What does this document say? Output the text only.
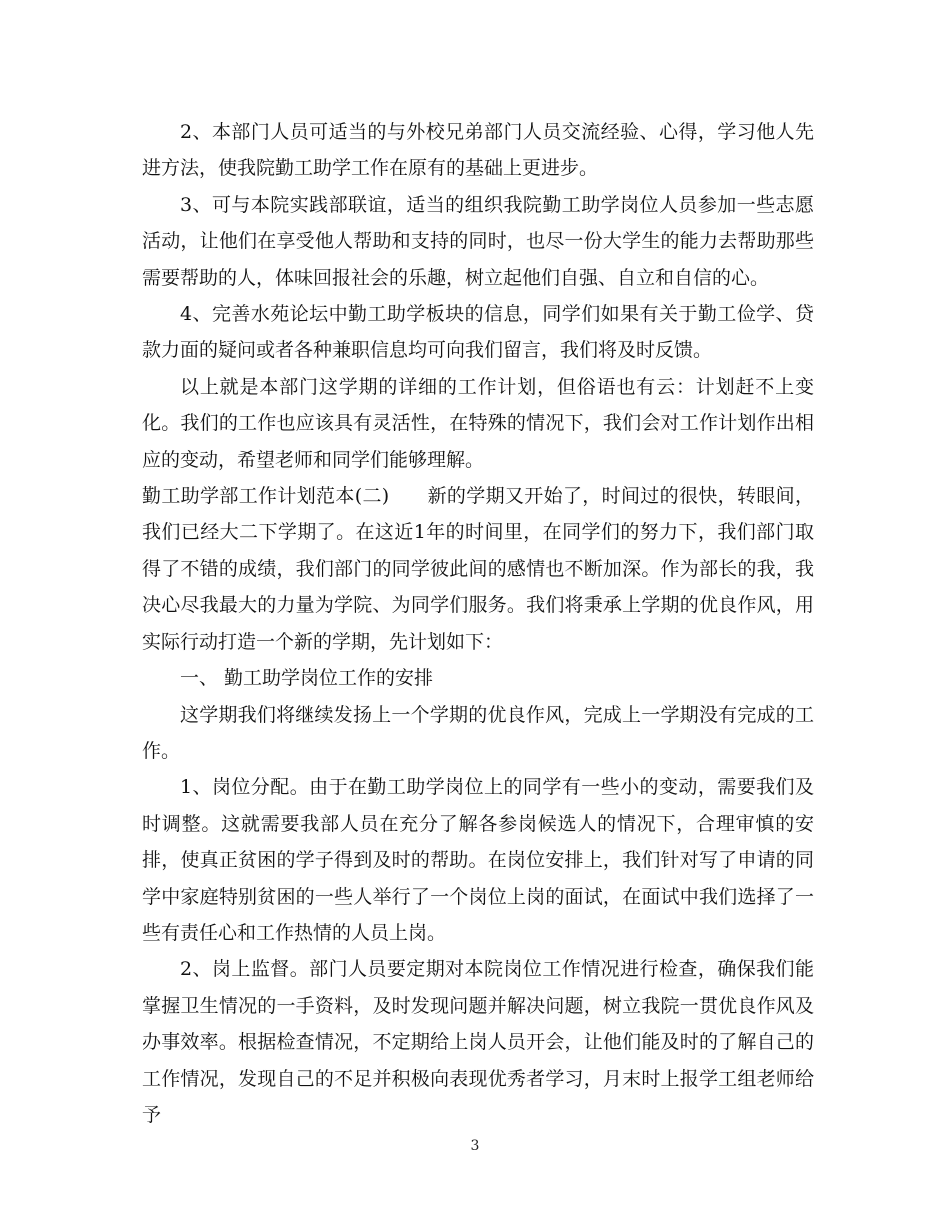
2、本部门人员可适当的与外校兄弟部门人员交流经验、心得，学习他人先进方法，使我院勤工助学工作在原有的基础上更进步。

3、可与本院实践部联谊，适当的组织我院勤工助学岗位人员参加一些志愿活动，让他们在享受他人帮助和支持的同时，也尽一份大学生的能力去帮助那些需要帮助的人，体味回报社会的乐趣，树立起他们自强、自立和自信的心。

4、完善水苑论坛中勤工助学板块的信息，同学们如果有关于勤工俭学、贷款力面的疑问或者各种兼职信息均可向我们留言，我们将及时反馈。

以上就是本部门这学期的详细的工作计划，但俗语也有云：计划赶不上变化。我们的工作也应该具有灵活性，在特殊的情况下，我们会对工作计划作出相应的变动，希望老师和同学们能够理解。

勤工助学部工作计划范本(二) 新的学期又开始了，时间过的很快，转眼间，我们已经大二下学期了。在这近1年的时间里，在同学们的努力下，我们部门取得了不错的成绩，我们部门的同学彼此间的感情也不断加深。作为部长的我，我决心尽我最大的力量为学院、为同学们服务。我们将秉承上学期的优良作风，用实际行动打造一个新的学期，先计划如下：

一、 勤工助学岗位工作的安排

这学期我们将继续发扬上一个学期的优良作风，完成上一学期没有完成的工作。

1、岗位分配。由于在勤工助学岗位上的同学有一些小的变动，需要我们及时调整。这就需要我部人员在充分了解各参岗候选人的情况下，合理审慎的安排，使真正贫困的学子得到及时的帮助。在岗位安排上，我们针对写了申请的同学中家庭特别贫困的一些人举行了一个岗位上岗的面试，在面试中我们选择了一些有责任心和工作热情的人员上岗。

2、岗上监督。部门人员要定期对本院岗位工作情况进行检查，确保我们能掌握卫生情况的一手资料，及时发现问题并解决问题，树立我院一贯优良作风及办事效率。根据检查情况，不定期给上岗人员开会，让他们能及时的了解自己的工作情况，发现自己的不足并积极向表现优秀者学习，月末时上报学工组老师给予

3
